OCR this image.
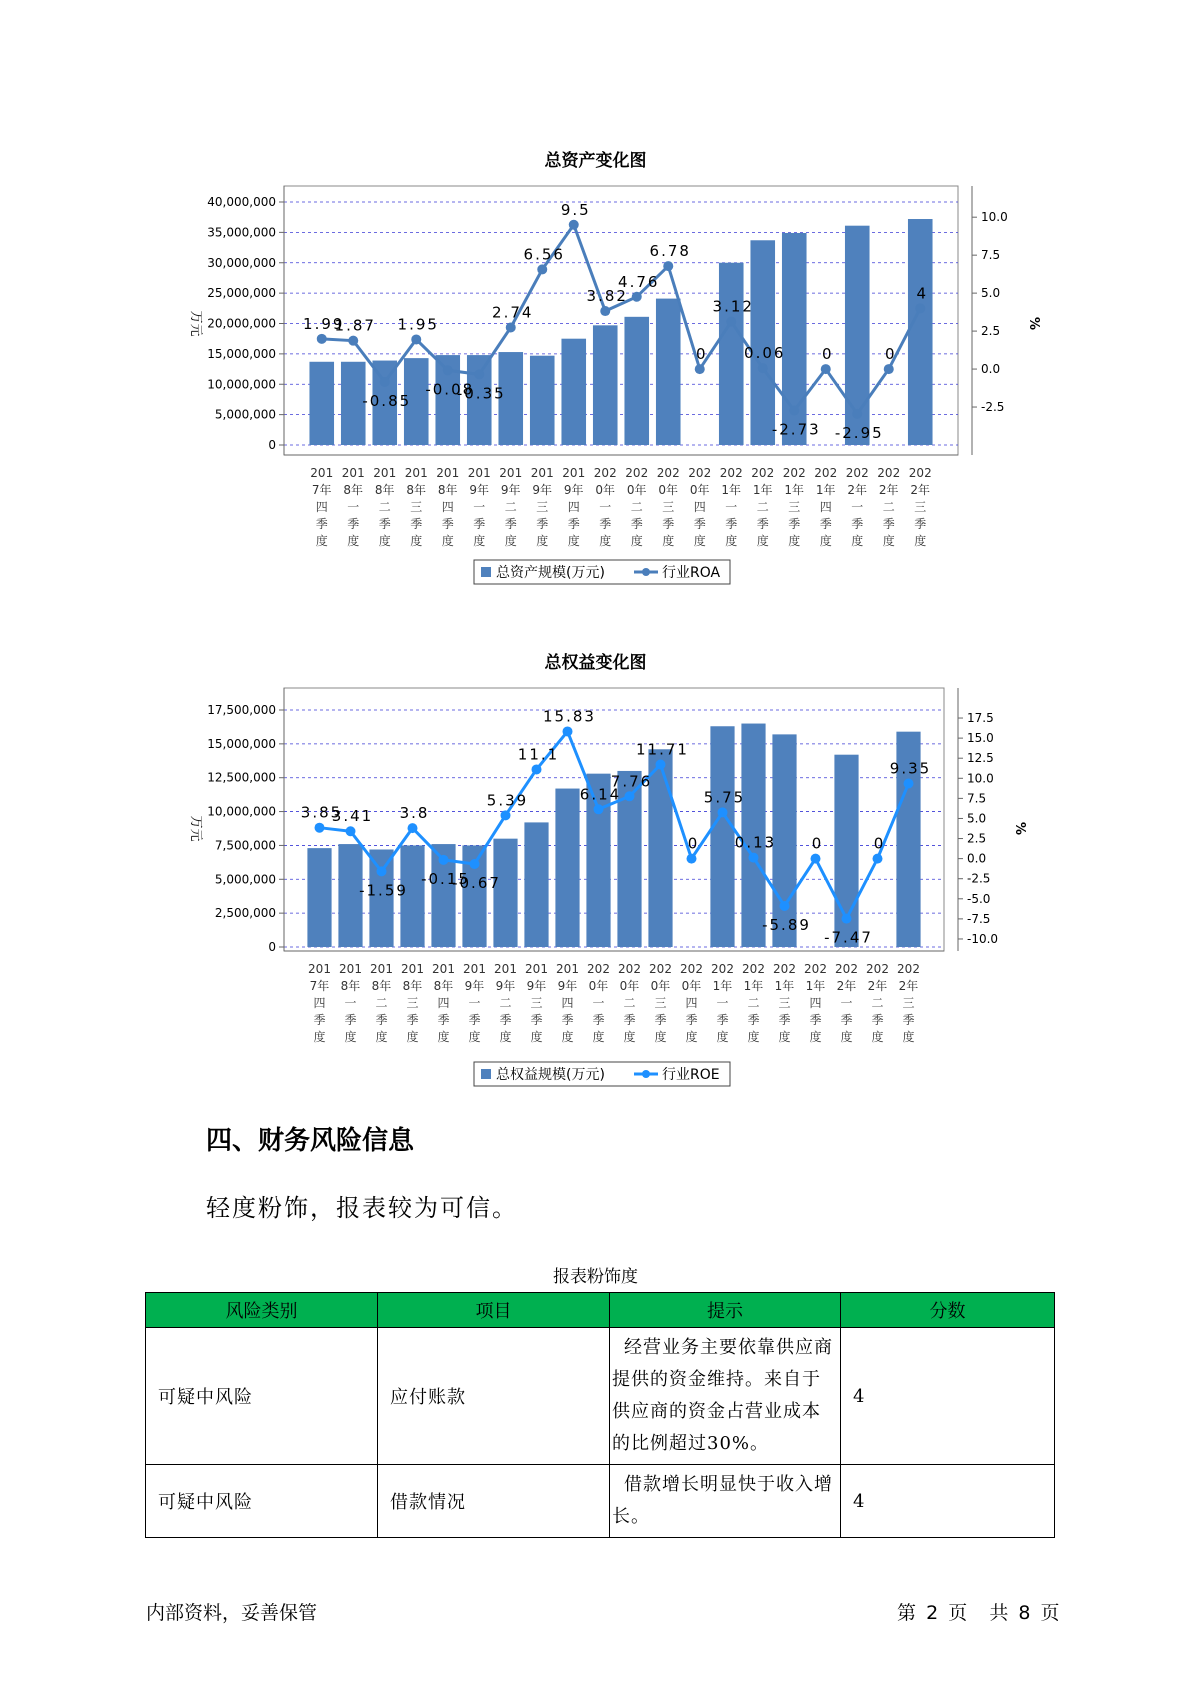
总资产变化图
0
5,000,000
10,000,000
15,000,000
20,000,000
25,000,000
30,000,000
35,000,000
40,000,000
万元
-2.5
0.0
2.5
5.0
7.5
10.0
%
201
7年
四
季
度
201
8年
一
季
度
201
8年
二
季
度
201
8年
三
季
度
201
8年
四
季
度
201
9年
一
季
度
201
9年
二
季
度
201
9年
三
季
度
201
9年
四
季
度
202
0年
一
季
度
202
0年
二
季
度
202
0年
三
季
度
202
0年
四
季
度
202
1年
一
季
度
202
1年
二
季
度
202
1年
三
季
度
202
1年
四
季
度
202
2年
一
季
度
202
2年
二
季
度
202
2年
三
季
度
1.99
1.87
-0.85
1.95
-0.08
-0.35
2.74
6.56
9.5
3.82
4.76
6.78
0
3.12
0.06
-2.73
0
-2.95
0
4
总资产规模(万元)	行业ROA
总权益变化图
0
2,500,000
5,000,000
7,500,000
10,000,000
12,500,000
15,000,000
17,500,000
万元
-10.0
-7.5
-5.0
-2.5
0.0
2.5
5.0
7.5
10.0
12.5
15.0
17.5
%
201
7年
四
季
度
201
8年
一
季
度
201
8年
二
季
度
201
8年
三
季
度
201
8年
四
季
度
201
9年
一
季
度
201
9年
二
季
度
201
9年
三
季
度
201
9年
四
季
度
202
0年
一
季
度
202
0年
二
季
度
202
0年
三
季
度
202
0年
四
季
度
202
1年
一
季
度
202
1年
二
季
度
202
1年
三
季
度
202
1年
四
季
度
202
2年
一
季
度
202
2年
二
季
度
202
2年
三
季
度
3.85
3.41
-1.59
3.8
-0.15
-0.67
5.39
11.1
15.83
6.14
7.76
11.71
0
5.75
0.13
-5.89
0
-7.47
0
9.35
总权益规模(万元)	行业ROE
四、财务风险信息
轻度粉饰，报表较为可信。
报表粉饰度
风险类别	项目	提示	分数
可疑中风险	应付账款	经营业务主要依靠供应商提供的资金维持。来自于供应商的资金占营业成本的比例超过30%。	4
可疑中风险	借款情况	借款增长明显快于收入增长。	4
内部资料，妥善保管	第 2 页 共 8 页
